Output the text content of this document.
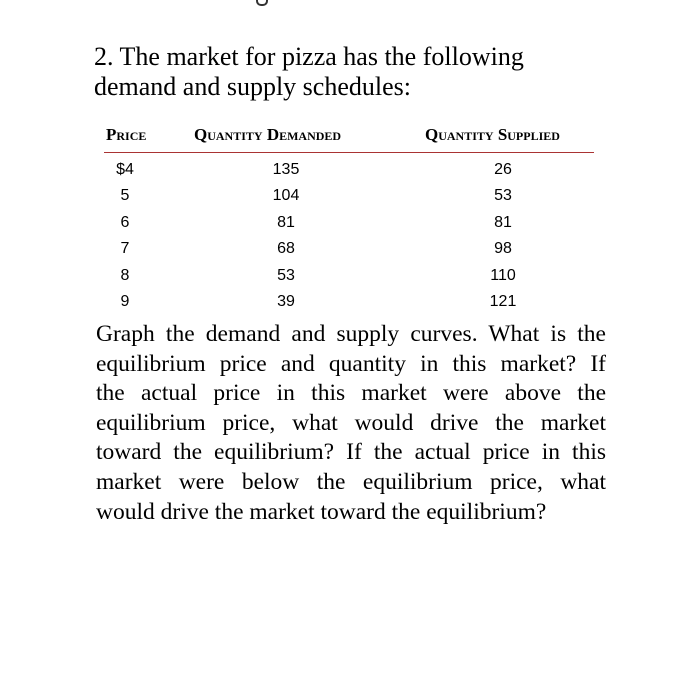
2. The market for pizza has the following
demand and supply schedules:
Price	Quantity Demanded	Quantity Supplied
$4	135	26
5	104	53
6	81	81
7	68	98
8	53	110
9	39	121
Graph the demand and supply curves. What is the
equilibrium price and quantity in this market? If
the actual price in this market were above the
equilibrium price, what would drive the market
toward the equilibrium? If the actual price in this
market were below the equilibrium price, what
would drive the market toward the equilibrium?
